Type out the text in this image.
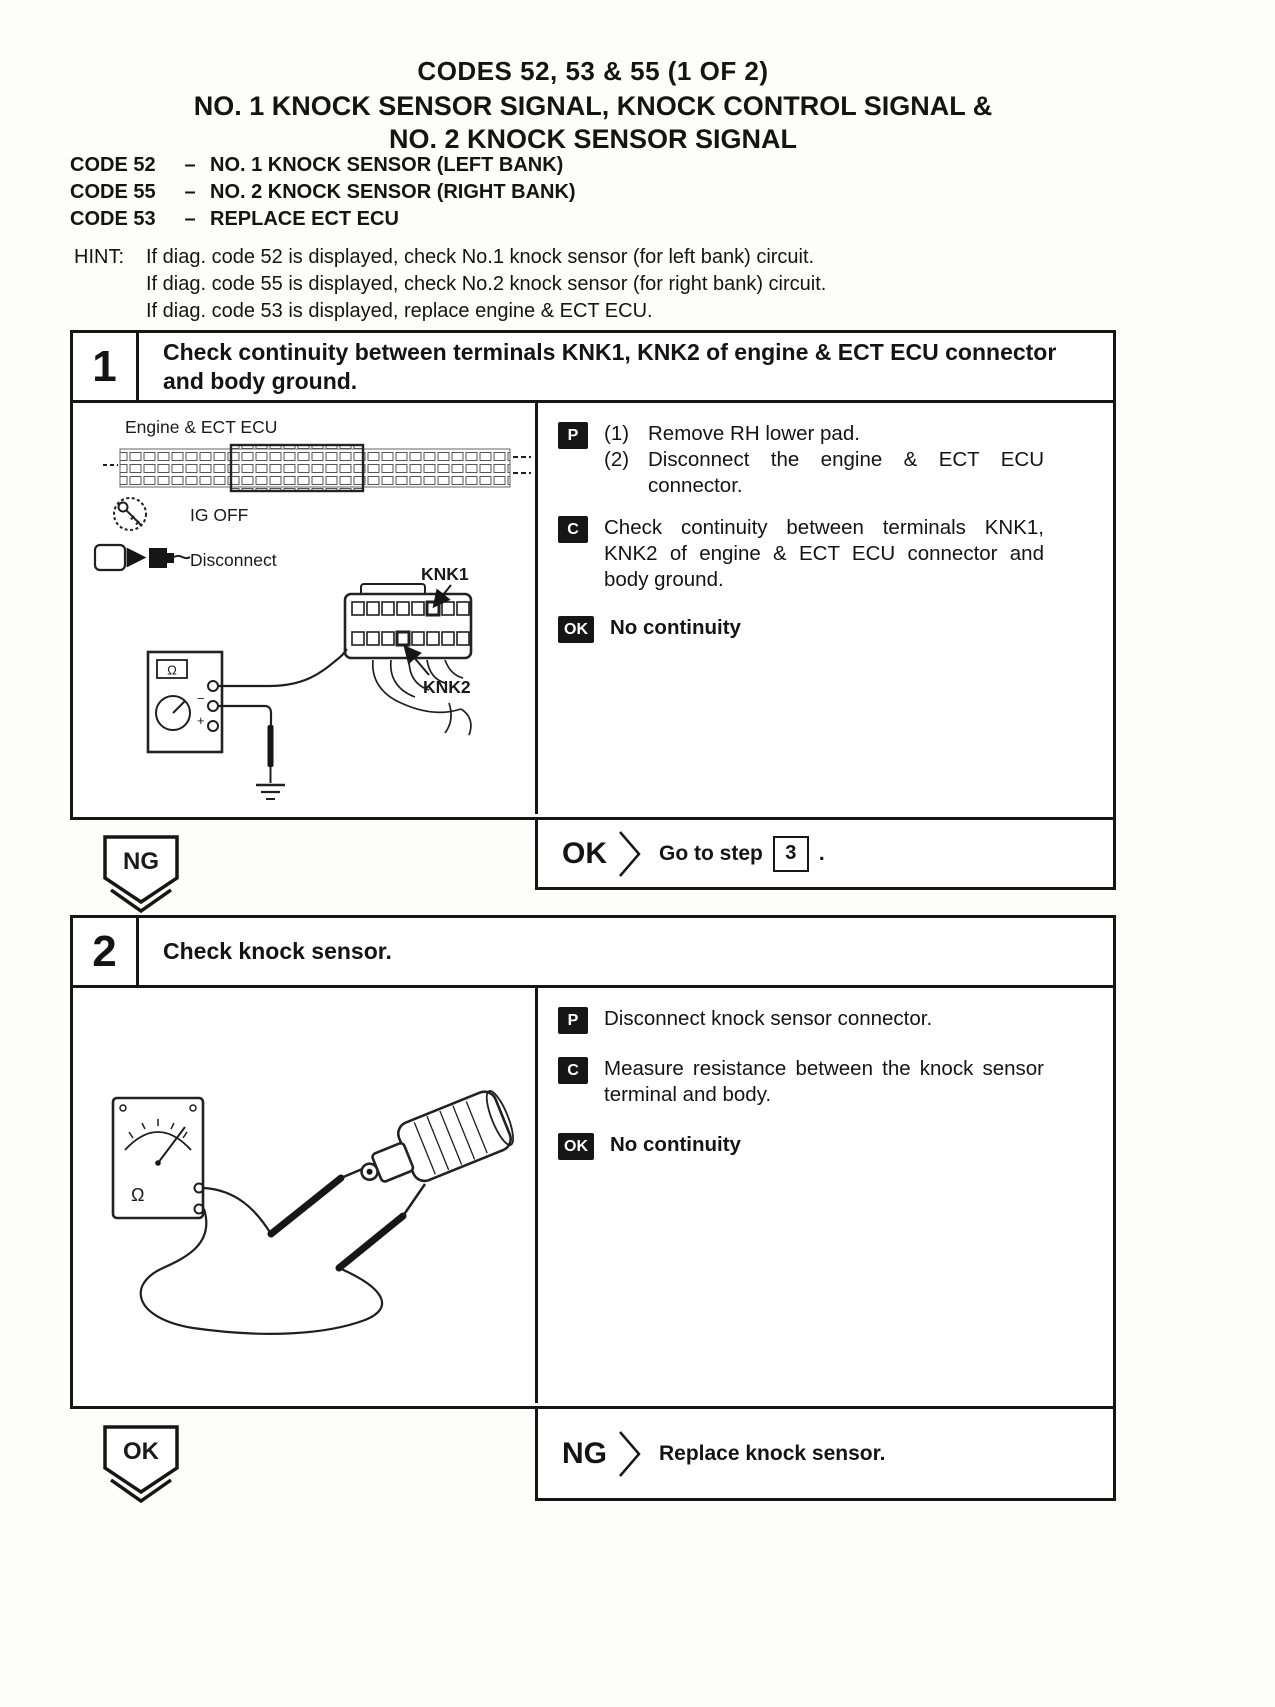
CODES 52, 53 & 55 (1 OF 2)
NO. 1 KNOCK SENSOR SIGNAL, KNOCK CONTROL SIGNAL &
NO. 2 KNOCK SENSOR SIGNAL
CODE 52	– NO. 1 KNOCK SENSOR (LEFT BANK)
CODE 55	– NO. 2 KNOCK SENSOR (RIGHT BANK)
CODE 53	– REPLACE ECT ECU
HINT:	If diag. code 52 is displayed, check No.1 knock sensor (for left bank) circuit.
If diag. code 55 is displayed, check No.2 knock sensor (for right bank) circuit.
If diag. code 53 is displayed, replace engine & ECT ECU.
1	Check continuity between terminals KNK1, KNK2 of engine & ECT ECU connector and body ground.
Engine & ECT ECU
IG OFF
Disconnect
KNK1
KNK2
Ω
−
+
P	(1) Remove RH lower pad.
(2) Disconnect the engine & ECT ECU connector.
C	Check continuity between terminals KNK1, KNK2 of engine & ECT ECU connector and body ground.
OK No continuity
OK Go to step	3	.
NG
2	Check knock sensor.
Ω
P	Disconnect knock sensor connector.
C	Measure resistance between the knock sensor terminal and body.
OK No continuity
NG Replace knock sensor.
OK
